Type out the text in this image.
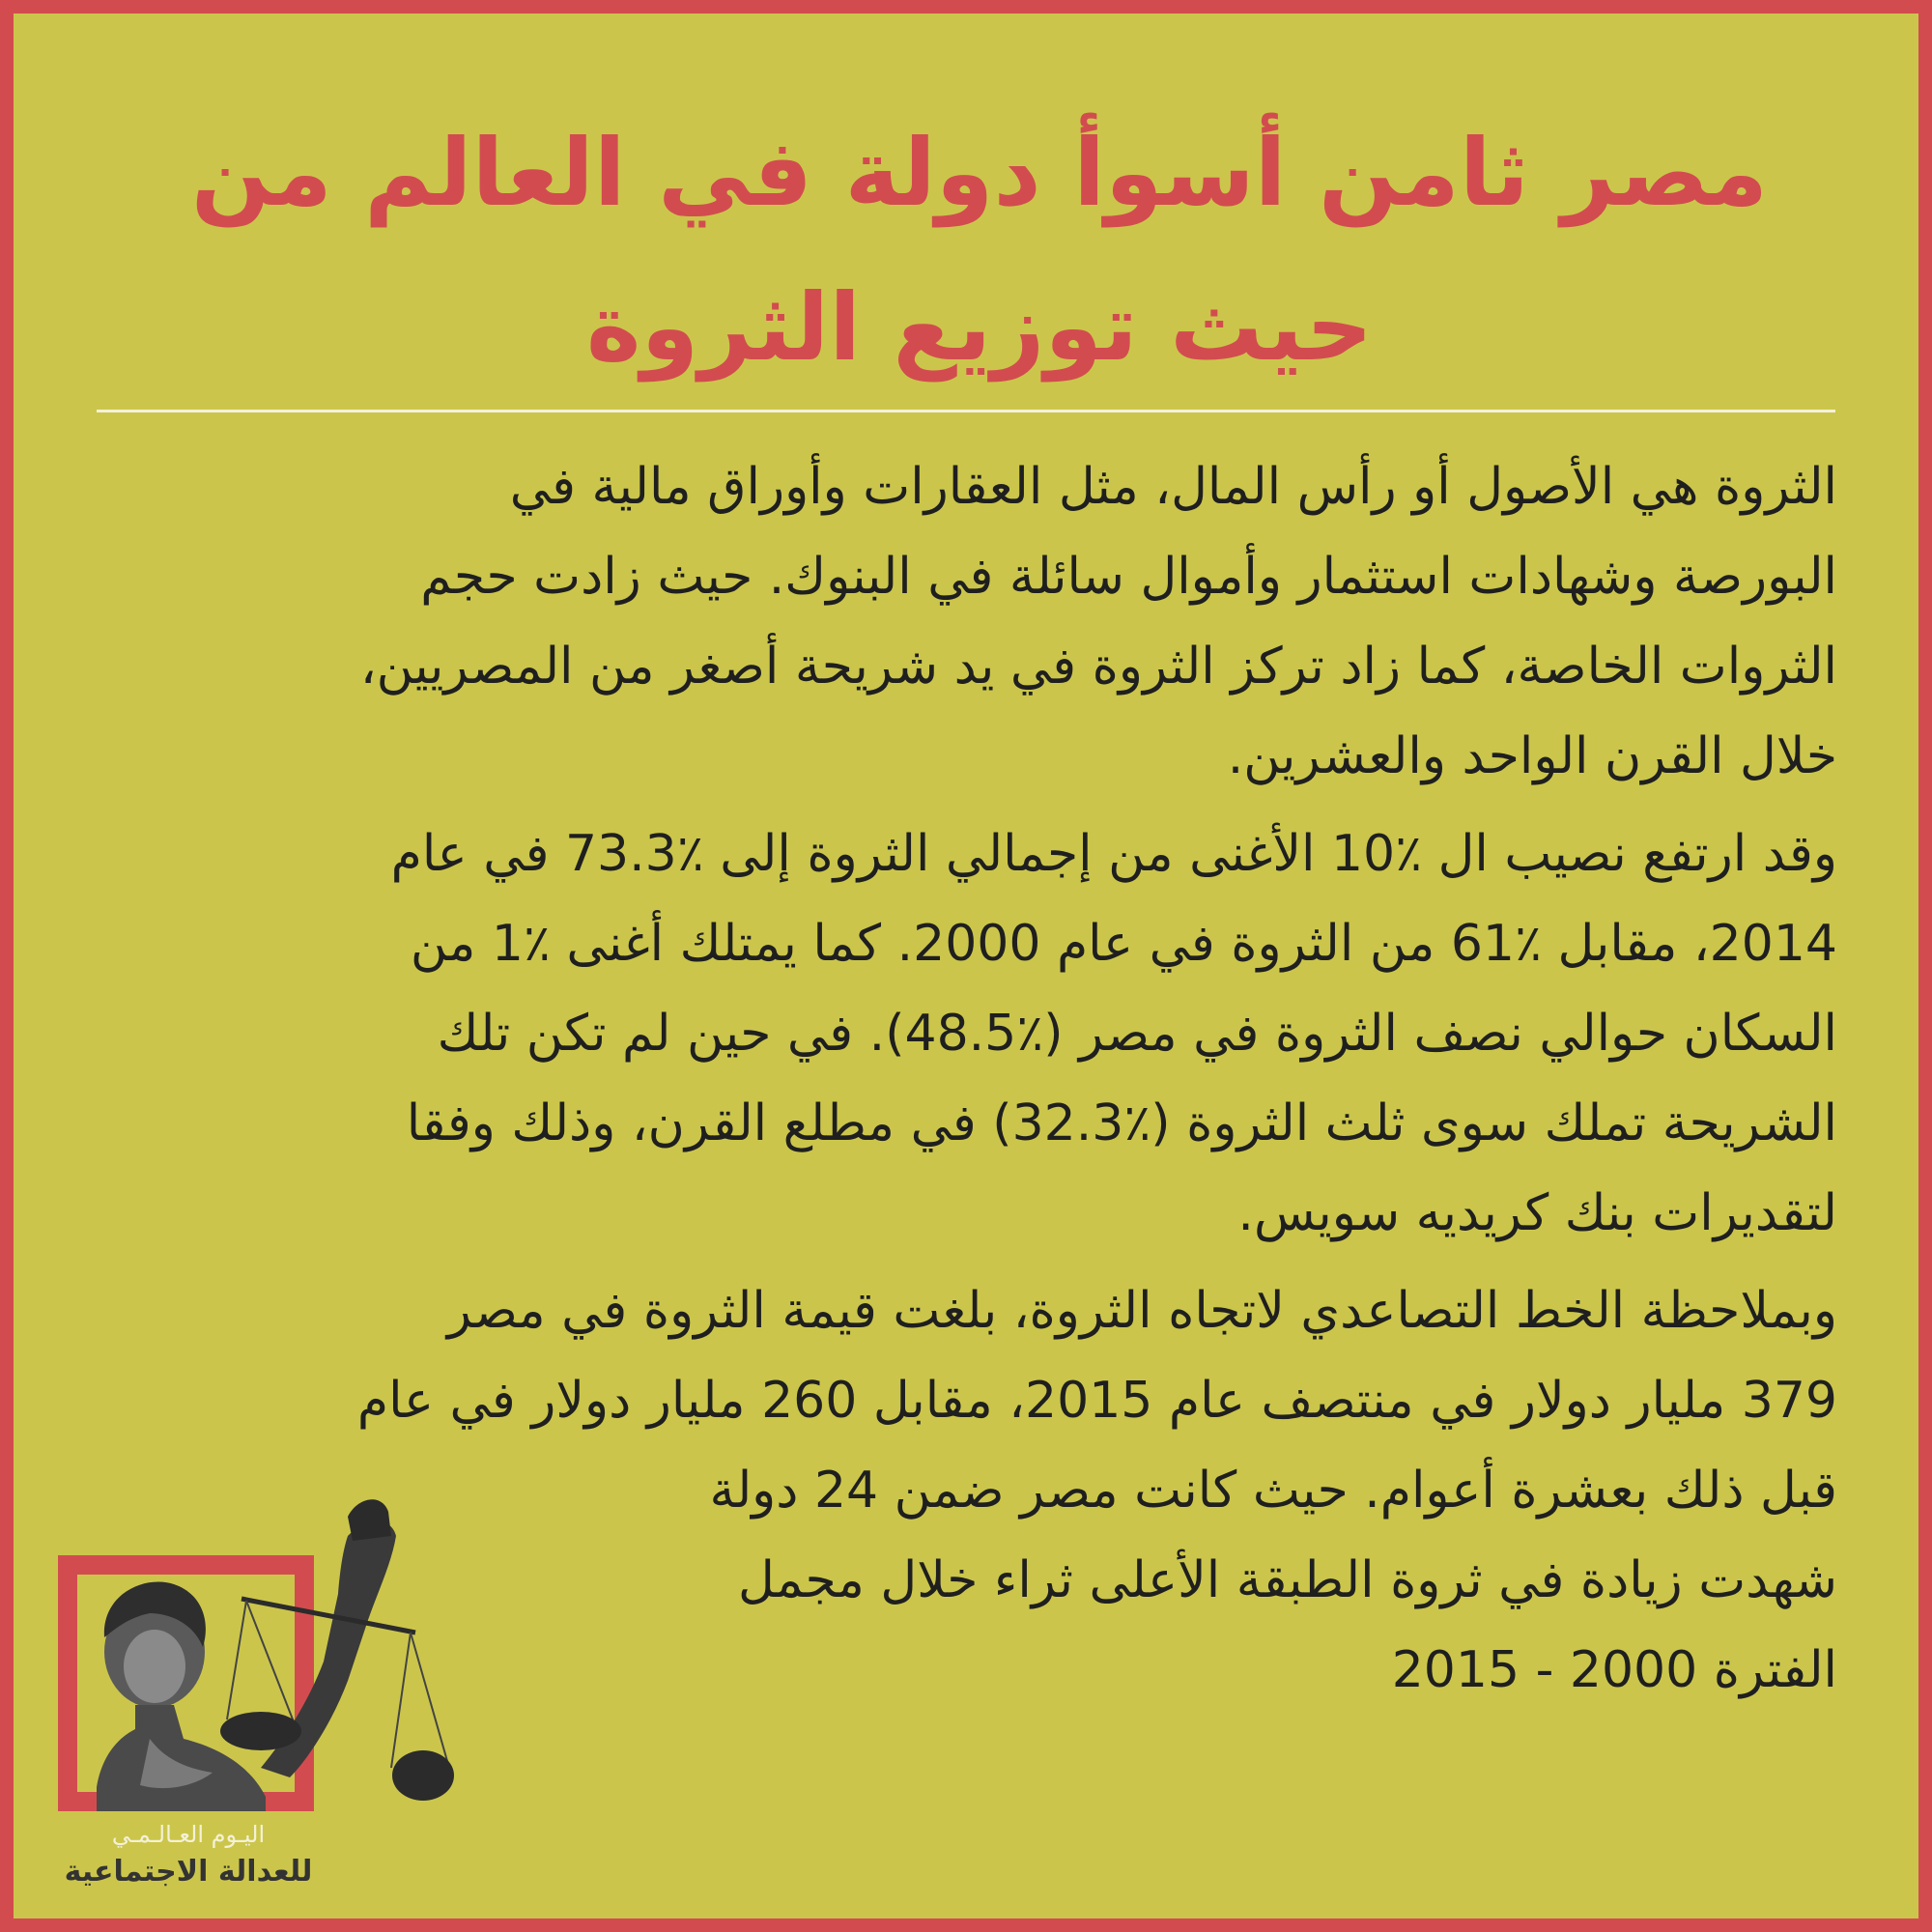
مصر ثامن أسوأ دولة في العالم من
حيث توزيع الثروة

الثروة هي الأصول أو رأس المال، مثل العقارات وأوراق مالية في
البورصة وشهادات استثمار وأموال سائلة في البنوك. حيث زادت حجم
الثروات الخاصة، كما زاد تركز الثروة في يد شريحة أصغر من المصريين،
خلال القرن الواحد والعشرين.

وقد ارتفع نصيب ال ٪10 الأغنى من إجمالي الثروة إلى ٪73.3 في عام
2014، مقابل ٪61 من الثروة في عام 2000. كما يمتلك أغنى ٪1 من
السكان حوالي نصف الثروة في مصر (٪48.5). في حين لم تكن تلك
الشريحة تملك سوى ثلث الثروة (٪32.3) في مطلع القرن، وذلك وفقا
لتقديرات بنك كريديه سويس.

وبملاحظة الخط التصاعدي لاتجاه الثروة، بلغت قيمة الثروة في مصر
379 مليار دولار في منتصف عام 2015، مقابل 260 مليار دولار في عام
قبل ذلك بعشرة أعوام. حيث كانت مصر ضمن 24 دولة
شهدت زيادة في ثروة الطبقة الأعلى ثراء خلال مجمل
الفترة 2000 - 2015

اليـوم العـالـمـي
للعدالة الاجتماعية
